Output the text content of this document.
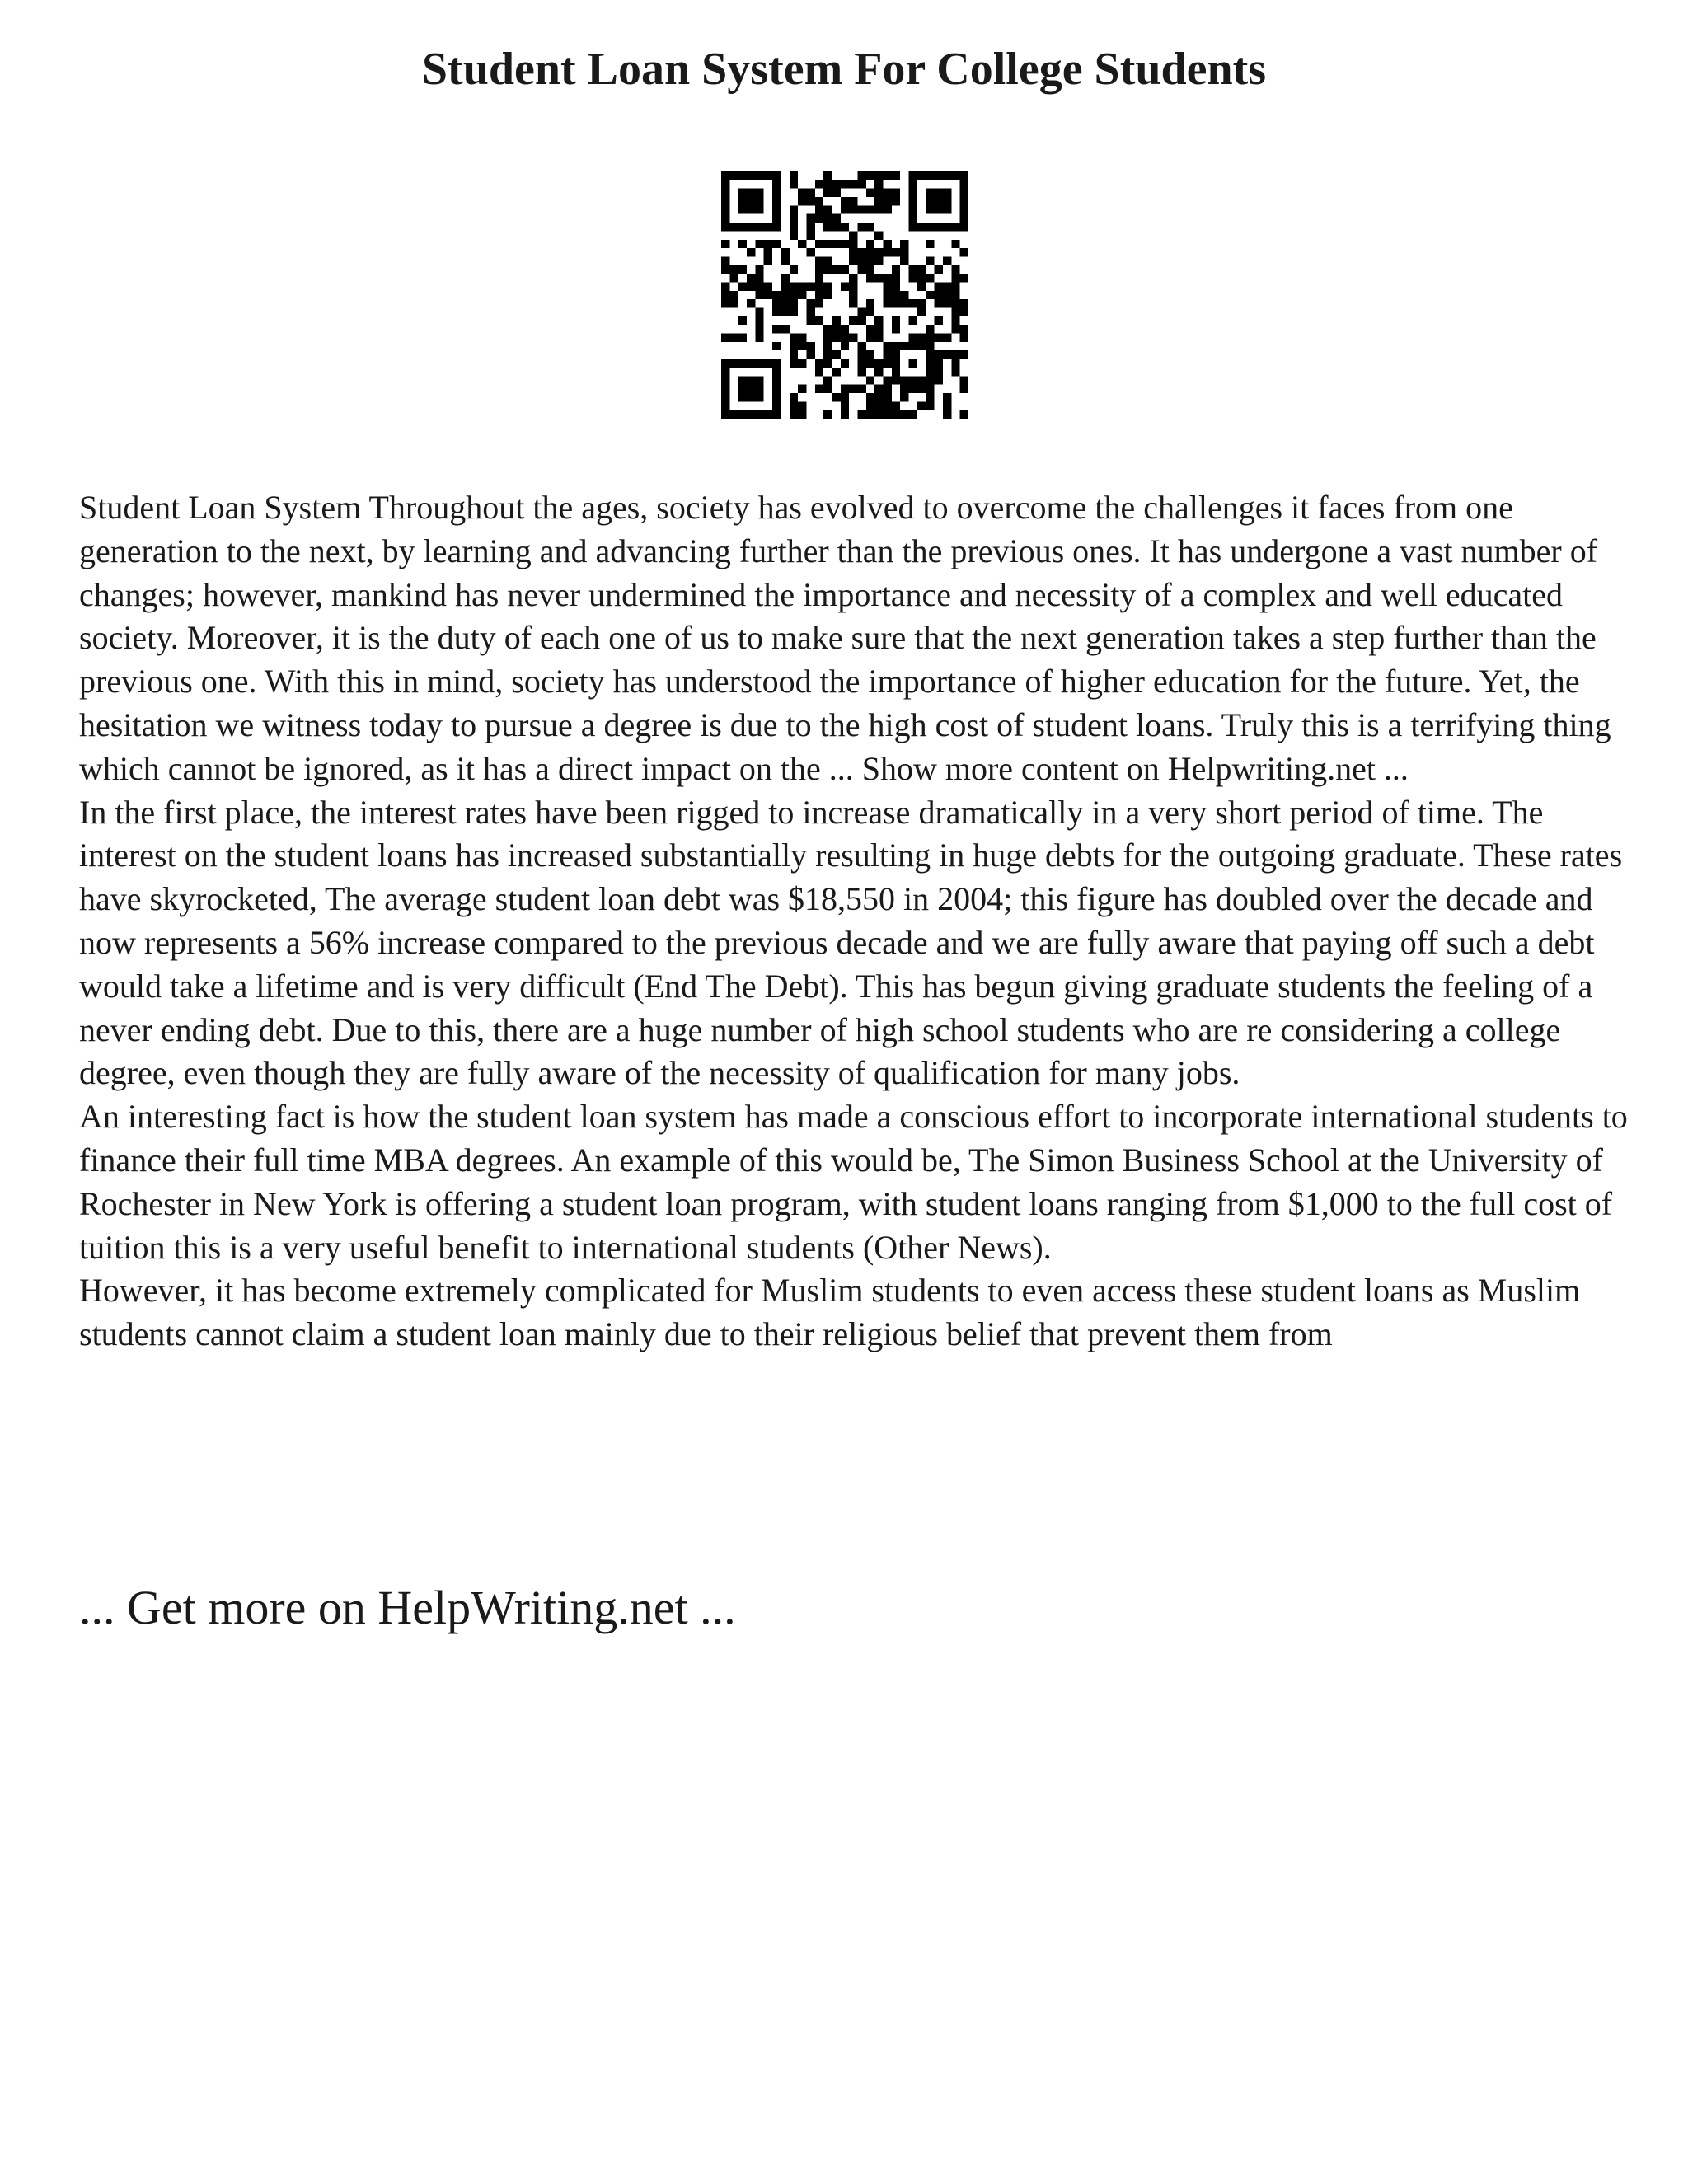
Student Loan System For College Students

Student Loan System Throughout the ages, society has evolved to overcome the challenges it faces from one generation to the next, by learning and advancing further than the previous ones. It has undergone a vast number of changes; however, mankind has never undermined the importance and necessity of a complex and well educated society. Moreover, it is the duty of each one of us to make sure that the next generation takes a step further than the previous one. With this in mind, society has understood the importance of higher education for the future. Yet, the hesitation we witness today to pursue a degree is due to the high cost of student loans. Truly this is a terrifying thing which cannot be ignored, as it has a direct impact on the ... Show more content on Helpwriting.net ...

In the first place, the interest rates have been rigged to increase dramatically in a very short period of time. The interest on the student loans has increased substantially resulting in huge debts for the outgoing graduate. These rates have skyrocketed, The average student loan debt was $18,550 in 2004; this figure has doubled over the decade and now represents a 56% increase compared to the previous decade and we are fully aware that paying off such a debt would take a lifetime and is very difficult (End The Debt). This has begun giving graduate students the feeling of a never ending debt. Due to this, there are a huge number of high school students who are re considering a college degree, even though they are fully aware of the necessity of qualification for many jobs.

An interesting fact is how the student loan system has made a conscious effort to incorporate international students to finance their full time MBA degrees. An example of this would be, The Simon Business School at the University of Rochester in New York is offering a student loan program, with student loans ranging from $1,000 to the full cost of tuition this is a very useful benefit to international students (Other News).

However, it has become extremely complicated for Muslim students to even access these student loans as Muslim students cannot claim a student loan mainly due to their religious belief that prevent them from

... Get more on HelpWriting.net ...
